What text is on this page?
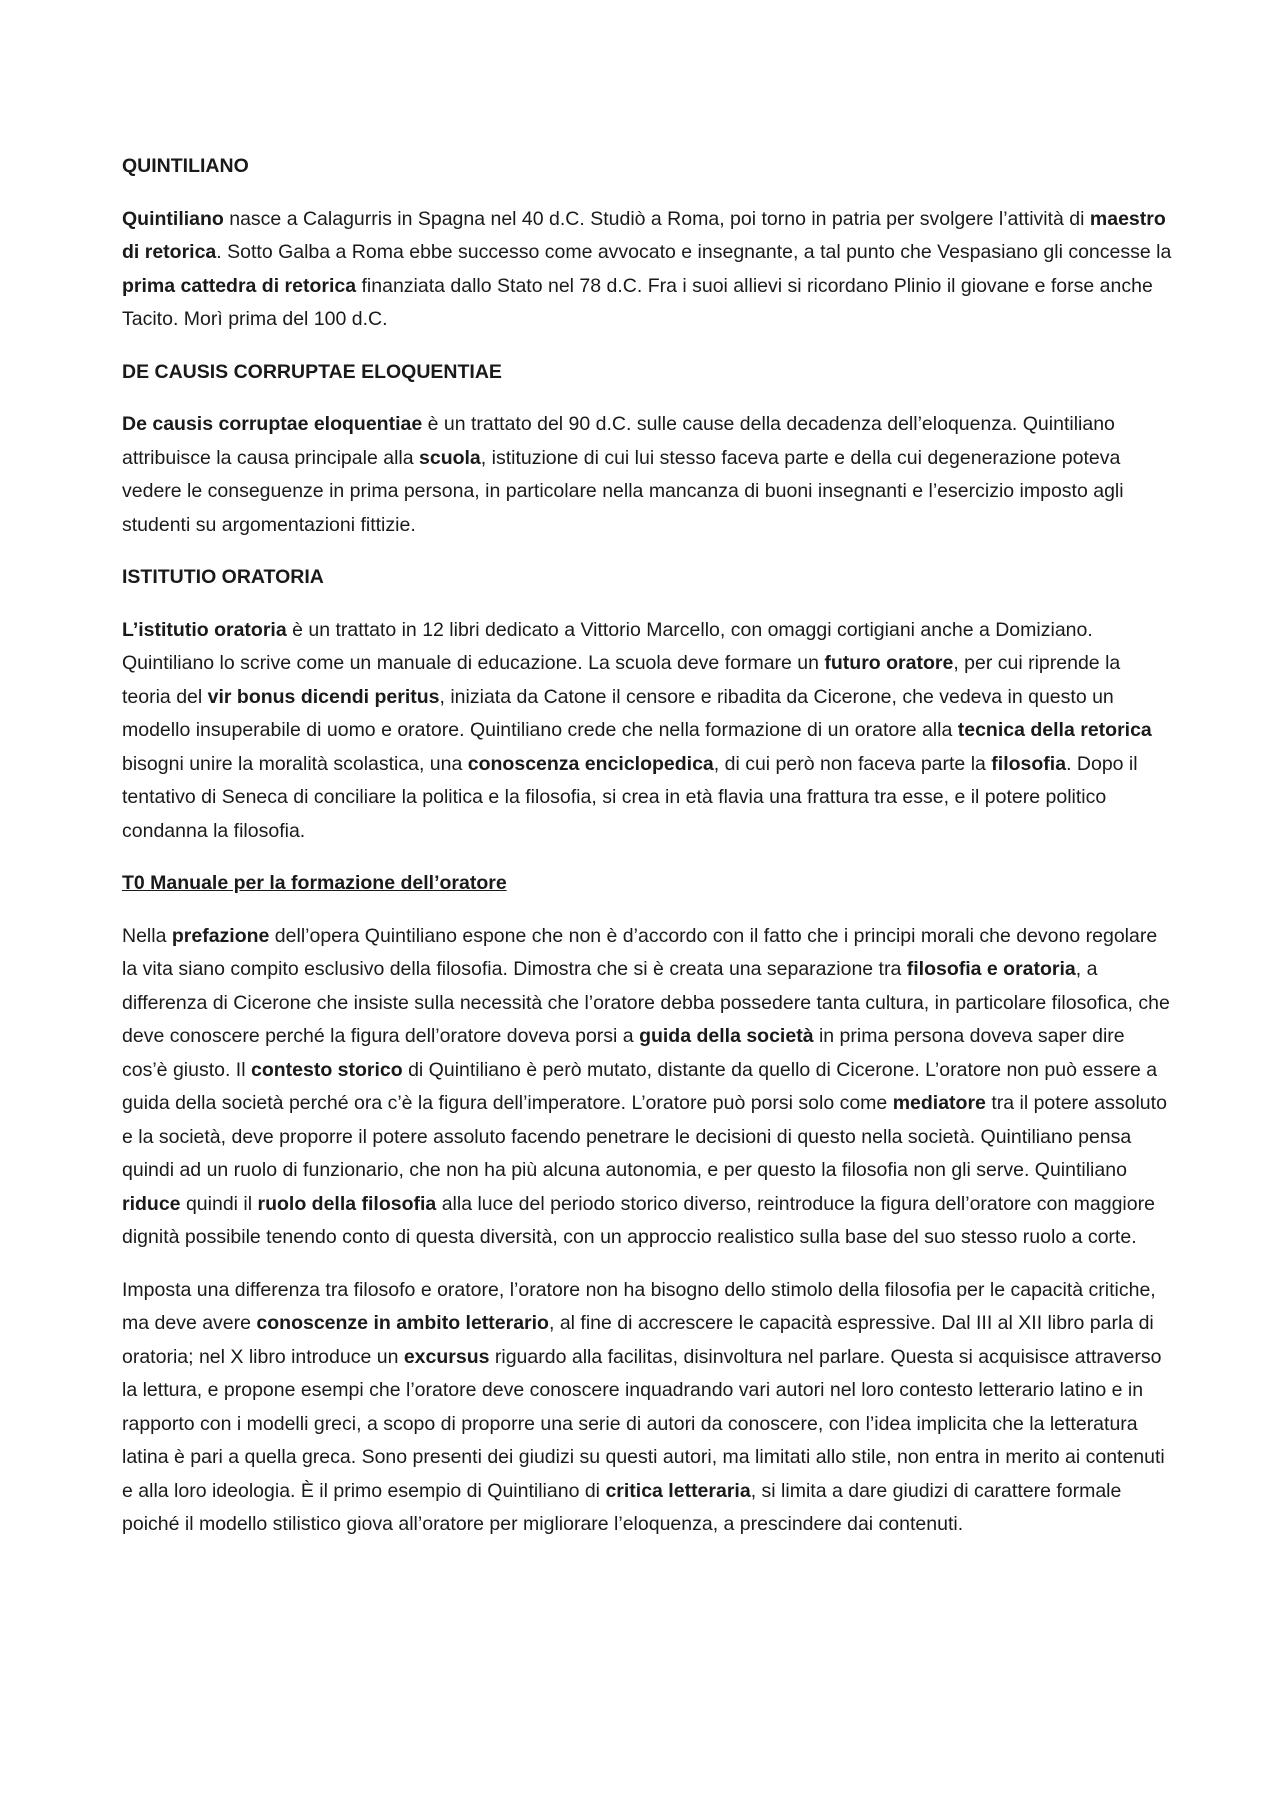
QUINTILIANO

Quintiliano nasce a Calagurris in Spagna nel 40 d.C. Studiò a Roma, poi torno in patria per svolgere l’attività di maestro di retorica. Sotto Galba a Roma ebbe successo come avvocato e insegnante, a tal punto che Vespasiano gli concesse la prima cattedra di retorica finanziata dallo Stato nel 78 d.C. Fra i suoi allievi si ricordano Plinio il giovane e forse anche Tacito. Morì prima del 100 d.C.

DE CAUSIS CORRUPTAE ELOQUENTIAE

De causis corruptae eloquentiae è un trattato del 90 d.C. sulle cause della decadenza dell’eloquenza. Quintiliano attribuisce la causa principale alla scuola, istituzione di cui lui stesso faceva parte e della cui degenerazione poteva vedere le conseguenze in prima persona, in particolare nella mancanza di buoni insegnanti e l’esercizio imposto agli studenti su argomentazioni fittizie.

ISTITUTIO ORATORIA

L’istitutio oratoria è un trattato in 12 libri dedicato a Vittorio Marcello, con omaggi cortigiani anche a Domiziano. Quintiliano lo scrive come un manuale di educazione. La scuola deve formare un futuro oratore, per cui riprende la teoria del vir bonus dicendi peritus, iniziata da Catone il censore e ribadita da Cicerone, che vedeva in questo un modello insuperabile di uomo e oratore. Quintiliano crede che nella formazione di un oratore alla tecnica della retorica bisogni unire la moralità scolastica, una conoscenza enciclopedica, di cui però non faceva parte la filosofia. Dopo il tentativo di Seneca di conciliare la politica e la filosofia, si crea in età flavia una frattura tra esse, e il potere politico condanna la filosofia.

T0 Manuale per la formazione dell’oratore

Nella prefazione dell’opera Quintiliano espone che non è d’accordo con il fatto che i principi morali che devono regolare la vita siano compito esclusivo della filosofia. Dimostra che si è creata una separazione tra filosofia e oratoria, a differenza di Cicerone che insiste sulla necessità che l’oratore debba possedere tanta cultura, in particolare filosofica, che deve conoscere perché la figura dell’oratore doveva porsi a guida della società in prima persona doveva saper dire cos’è giusto. Il contesto storico di Quintiliano è però mutato, distante da quello di Cicerone. L’oratore non può essere a guida della società perché ora c’è la figura dell’imperatore. L’oratore può porsi solo come mediatore tra il potere assoluto e la società, deve proporre il potere assoluto facendo penetrare le decisioni di questo nella società. Quintiliano pensa quindi ad un ruolo di funzionario, che non ha più alcuna autonomia, e per questo la filosofia non gli serve. Quintiliano riduce quindi il ruolo della filosofia alla luce del periodo storico diverso, reintroduce la figura dell’oratore con maggiore dignità possibile tenendo conto di questa diversità, con un approccio realistico sulla base del suo stesso ruolo a corte.

Imposta una differenza tra filosofo e oratore, l’oratore non ha bisogno dello stimolo della filosofia per le capacità critiche, ma deve avere conoscenze in ambito letterario, al fine di accrescere le capacità espressive. Dal III al XII libro parla di oratoria; nel X libro introduce un excursus riguardo alla facilitas, disinvoltura nel parlare. Questa si acquisisce attraverso la lettura, e propone esempi che l’oratore deve conoscere inquadrando vari autori nel loro contesto letterario latino e in rapporto con i modelli greci, a scopo di proporre una serie di autori da conoscere, con l’idea implicita che la letteratura latina è pari a quella greca. Sono presenti dei giudizi su questi autori, ma limitati allo stile, non entra in merito ai contenuti e alla loro ideologia. È il primo esempio di Quintiliano di critica letteraria, si limita a dare giudizi di carattere formale poiché il modello stilistico giova all’oratore per migliorare l’eloquenza, a prescindere dai contenuti.
